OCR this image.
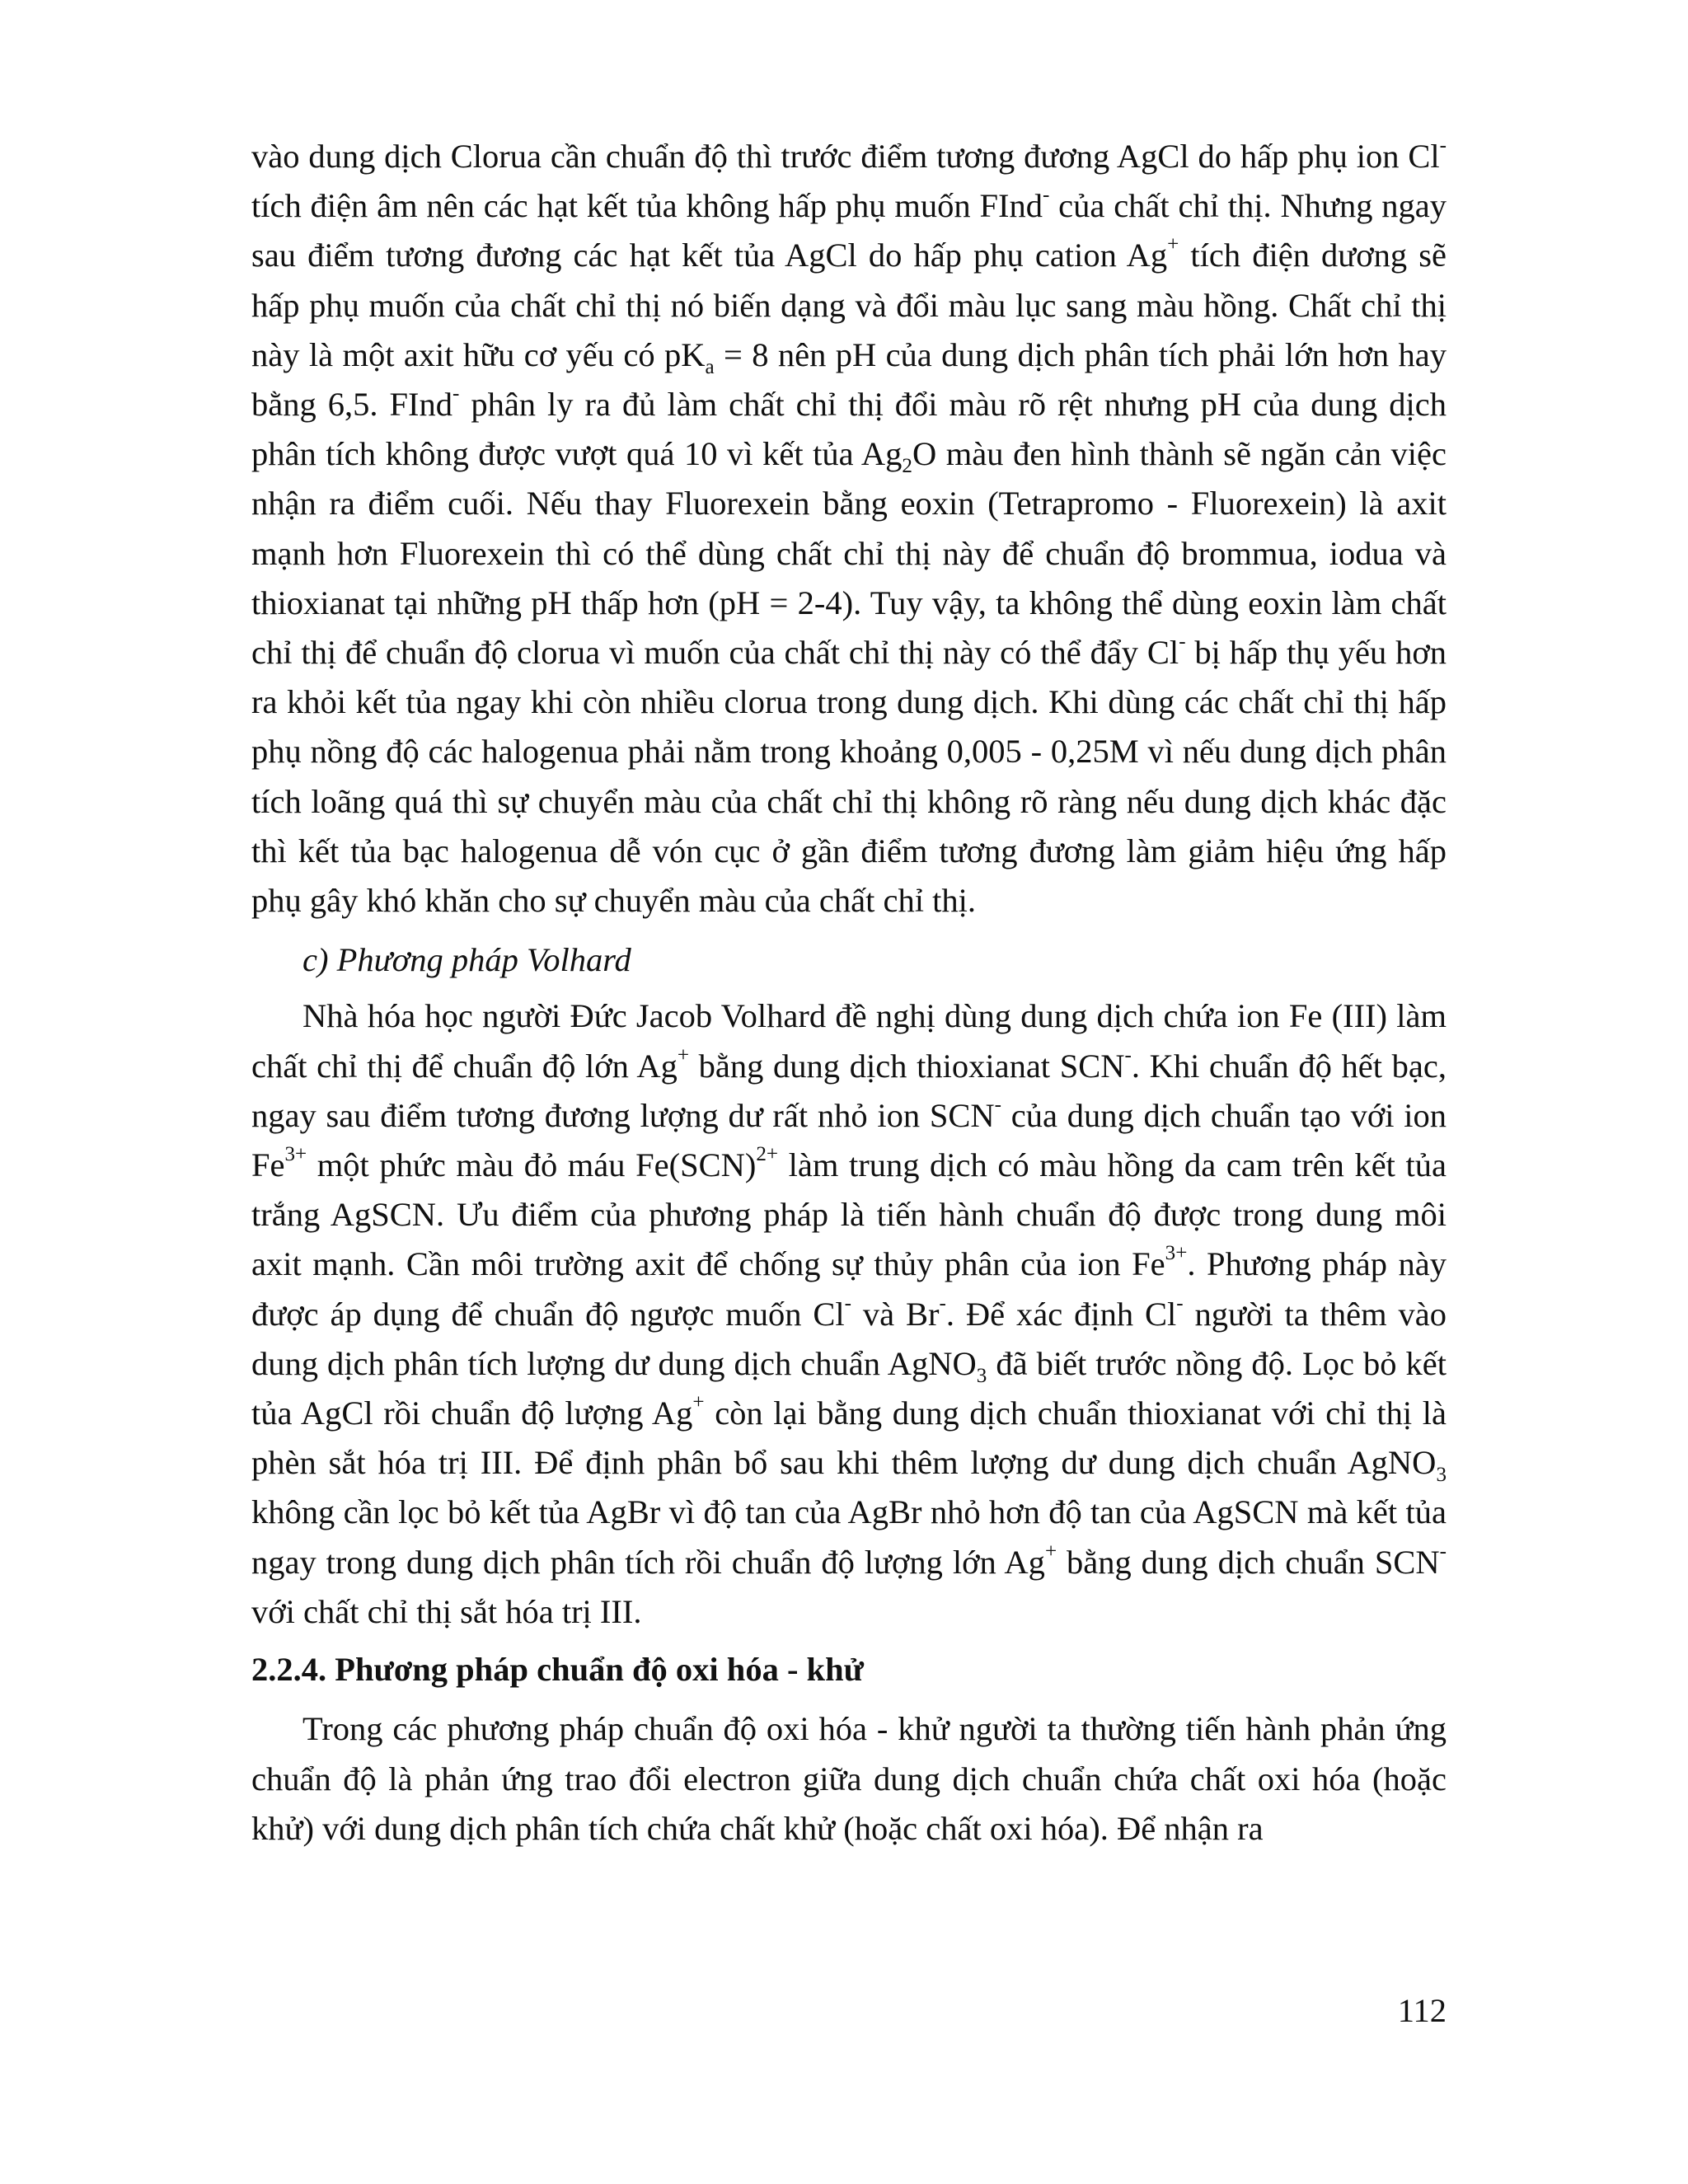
vào dung dịch Clorua cần chuẩn độ thì trước điểm tương đương AgCl do hấp phụ ion Cl- tích điện âm nên các hạt kết tủa không hấp phụ muốn FInd- của chất chỉ thị. Nhưng ngay sau điểm tương đương các hạt kết tủa AgCl do hấp phụ cation Ag+ tích điện dương sẽ hấp phụ muốn của chất chỉ thị nó biến dạng và đổi màu lục sang màu hồng. Chất chỉ thị này là một axit hữu cơ yếu có $pK_a = 8$ nên pH của dung dịch phân tích phải lớn hơn hay bằng 6,5. FInd- phân ly ra đủ làm chất chỉ thị đổi màu rõ rệt nhưng pH của dung dịch phân tích không được vượt quá 10 vì kết tủa $Ag_2O$ màu đen hình thành sẽ ngăn cản việc nhận ra điểm cuối. Nếu thay Fluorexein bằng eoxin (Tetrapromo - Fluorexein) là axit mạnh hơn Fluorexein thì có thể dùng chất chỉ thị này để chuẩn độ brommua, iodua và thioxianat tại những pH thấp hơn (pH = 2-4). Tuy vậy, ta không thể dùng eoxin làm chất chỉ thị để chuẩn độ clorua vì muốn của chất chỉ thị này có thể đẩy Cl- bị hấp thụ yếu hơn ra khỏi kết tủa ngay khi còn nhiều clorua trong dung dịch. Khi dùng các chất chỉ thị hấp phụ nồng độ các halogenua phải nằm trong khoảng 0,005 - 0,25M vì nếu dung dịch phân tích loãng quá thì sự chuyển màu của chất chỉ thị không rõ ràng nếu dung dịch khác đặc thì kết tủa bạc halogenua dễ vón cục ở gần điểm tương đương làm giảm hiệu ứng hấp phụ gây khó khăn cho sự chuyển màu của chất chỉ thị.

c) Phương pháp Volhard

Nhà hóa học người Đức Jacob Volhard đề nghị dùng dung dịch chứa ion Fe (III) làm chất chỉ thị để chuẩn độ lớn Ag+ bằng dung dịch thioxianat SCN-. Khi chuẩn độ hết bạc, ngay sau điểm tương đương lượng dư rất nhỏ ion SCN- của dung dịch chuẩn tạo với ion $Fe^{3+}$ một phức màu đỏ máu Fe(SCN)$^{2+}$ làm trung dịch có màu hồng da cam trên kết tủa trắng AgSCN. Ưu điểm của phương pháp là tiến hành chuẩn độ được trong dung môi axit mạnh. Cần môi trường axit để chống sự thủy phân của ion $Fe^{3+}$. Phương pháp này được áp dụng để chuẩn độ ngược muốn Cl- và Br-. Để xác định Cl- người ta thêm vào dung dịch phân tích lượng dư dung dịch chuẩn AgNO$_3$ đã biết trước nồng độ. Lọc bỏ kết tủa AgCl rồi chuẩn độ lượng Ag+ còn lại bằng dung dịch chuẩn thioxianat với chỉ thị là phèn sắt hóa trị III. Để định phân bổ sau khi thêm lượng dư dung dịch chuẩn AgNO$_3$ không cần lọc bỏ kết tủa AgBr vì độ tan của AgBr nhỏ hơn độ tan của AgSCN mà kết tủa ngay trong dung dịch phân tích rồi chuẩn độ lượng lớn Ag+ bằng dung dịch chuẩn SCN- với chất chỉ thị sắt hóa trị III.

2.2.4. Phương pháp chuẩn độ oxi hóa - khử

Trong các phương pháp chuẩn độ oxi hóa - khử người ta thường tiến hành phản ứng chuẩn độ là phản ứng trao đổi electron giữa dung dịch chuẩn chứa chất oxi hóa (hoặc khử) với dung dịch phân tích chứa chất khử (hoặc chất oxi hóa). Để nhận ra

112
